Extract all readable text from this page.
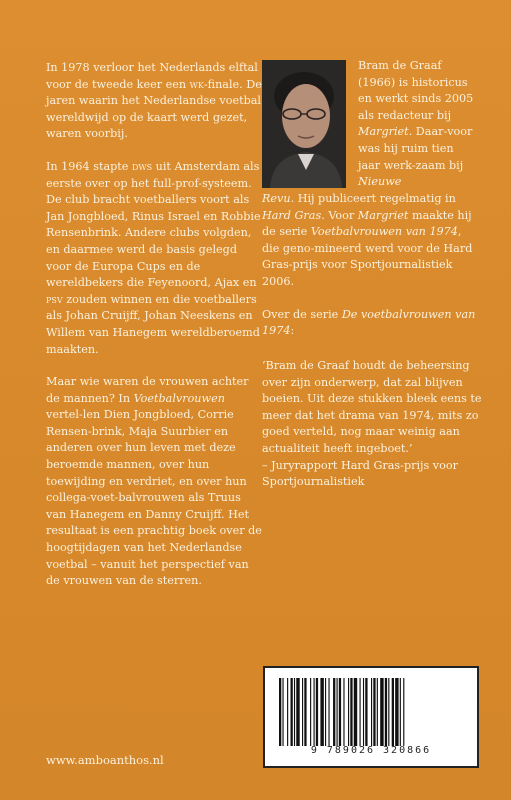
In 1978 verloor het Nederlands elftal voor de tweede keer een wk-finale. De jaren waarin het Nederlandse voetbal wereldwijd op de kaart werd gezet, waren voorbij.

In 1964 stapte dws uit Amsterdam als eerste over op het full-prof-systeem. De club bracht voetballers voort als Jan Jongbloed, Rinus Israel en Robbie Rensenbrink. Andere clubs volgden, en daarmee werd de basis gelegd voor de Europa Cups en de wereldbekers die Feyenoord, Ajax en psv zouden winnen en die voetballers als Johan Cruijff, Johan Neeskens en Willem van Hanegem wereldberoemd maakten.

Maar wie waren de vrouwen achter de mannen? In Voetbalvrouwen vertel-len Dien Jongbloed, Corrie Rensen-brink, Maja Suurbier en anderen over hun leven met deze beroemde mannen, over hun toewijding en verdriet, en over hun collega-voet-balvrouwen als Truus van Hanegem en Danny Cruijff. Het resultaat is een prachtig boek over de hoogtijdagen van het Nederlandse voetbal – vanuit het perspectief van de vrouwen van de sterren.

Bram de Graaf (1966) is historicus en werkt sinds 2005 als redacteur bij Margriet. Daar-voor was hij ruim tien jaar werk-zaam bij Nieuwe

Revu. Hij publiceert regelmatig in Hard Gras. Voor Margriet maakte hij de serie Voetbalvrouwen van 1974, die geno-mineerd werd voor de Hard Gras-prijs voor Sportjournalistiek 2006.

Over de serie De voetbalvrouwen van 1974:

‘Bram de Graaf houdt de beheersing over zijn onderwerp, dat zal blijven boeien. Uit deze stukken bleek eens te meer dat het drama van 1974, mits zo goed verteld, nog maar weinig aan actualiteit heeft ingeboet.’

– Juryrapport Hard Gras-prijs voor Sportjournalistiek

9 789026 320866
www.amboanthos.nl
